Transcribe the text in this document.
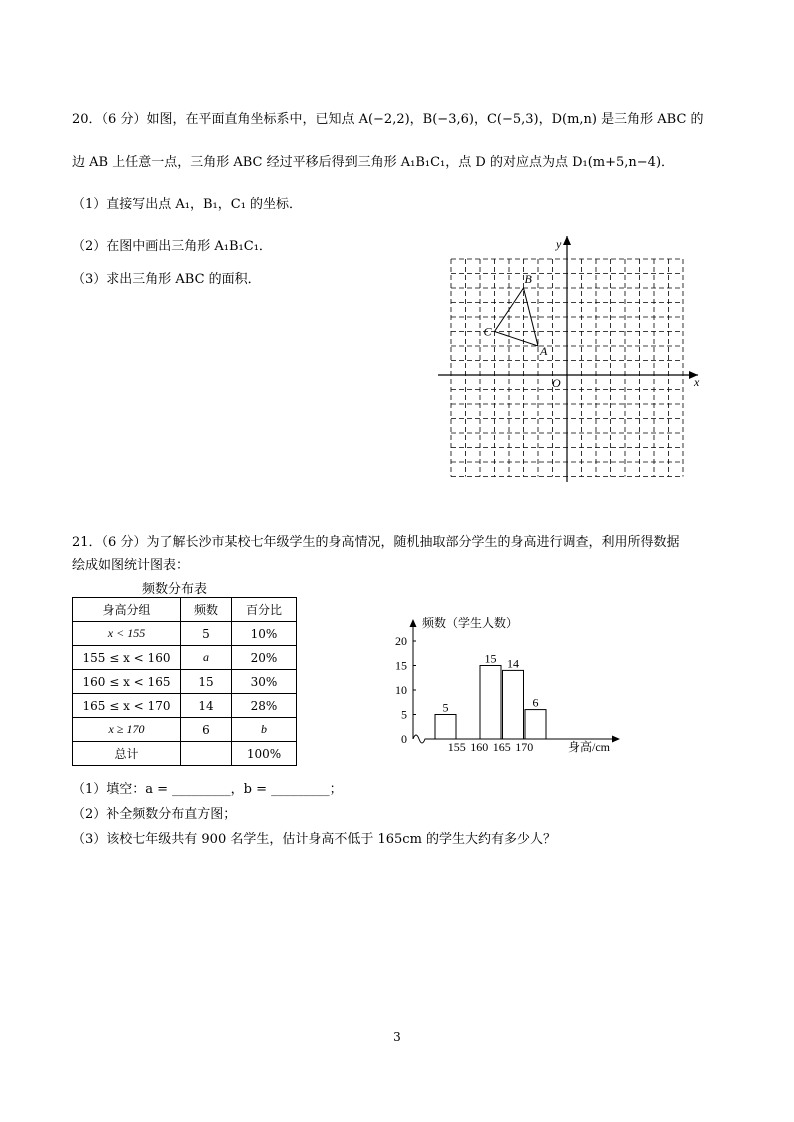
20．（6 分）如图，在平面直角坐标系中，已知点 A(−2,2)，B(−3,6)，C(−5,3)，D(m,n) 是三角形 ABC 的
边 AB 上任意一点，三角形 ABC 经过平移后得到三角形 A₁B₁C₁，点 D 的对应点为点 D₁(m+5,n−4)．
（1）直接写出点 A₁，B₁，C₁ 的坐标．
（2）在图中画出三角形 A₁B₁C₁．
（3）求出三角形 ABC 的面积．
x
y
O
A
B
C
21．（6 分）为了解长沙市某校七年级学生的身高情况，随机抽取部分学生的身高进行调查，利用所得数据
绘成如图统计图表：
频数分布表
身高分组	频数	百分比
x < 155	5	10%
155 ≤ x < 160	a	20%
160 ≤ x < 165	15	30%
165 ≤ x < 170	14	28%
x ≥ 170	6	b
总计		100%
频数（学生人数）
0
5
10
15
20
身高/cm
5
15 14
6
155 160 165 170
（1）填空：a = _________，b = _________；
（2）补全频数分布直方图；
（3）该校七年级共有 900 名学生，估计身高不低于 165cm 的学生大约有多少人？
3
